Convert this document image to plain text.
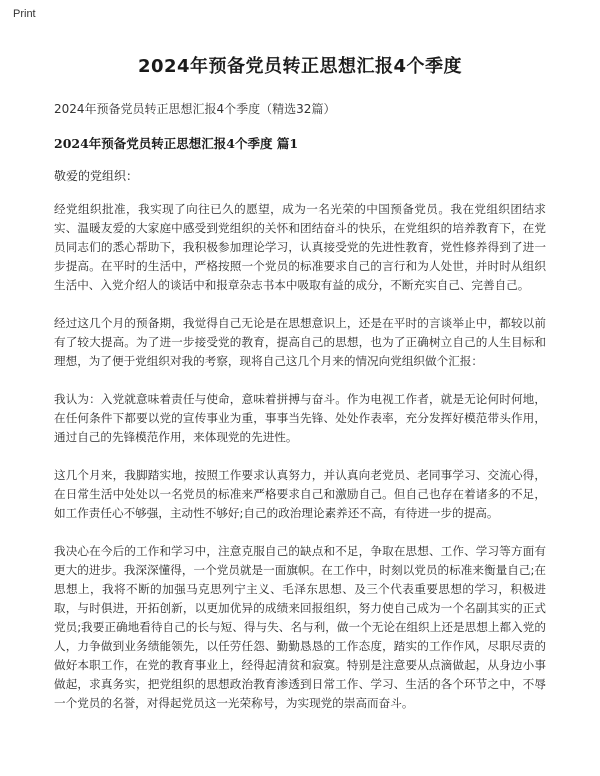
Print
2024年预备党员转正思想汇报4个季度
2024年预备党员转正思想汇报4个季度（精选32篇）
2024年预备党员转正思想汇报4个季度 篇1
敬爱的党组织：

经党组织批准，我实现了向往已久的愿望，成为一名光荣的中国预备党员。我在党组织团结求实、温暖友爱的大家庭中感受到党组织的关怀和团结奋斗的快乐，在党组织的培养教育下，在党员同志们的悉心帮助下，我积极参加理论学习，认真接受党的先进性教育，党性修养得到了进一步提高。在平时的生活中，严格按照一个党员的标准要求自己的言行和为人处世，并时时从组织生活中、入党介绍人的谈话中和报章杂志书本中吸取有益的成分，不断充实自己、完善自己。

经过这几个月的预备期，我觉得自己无论是在思想意识上，还是在平时的言谈举止中，都较以前有了较大提高。为了进一步接受党的教育，提高自己的思想，也为了正确树立自己的人生目标和理想，为了便于党组织对我的考察，现将自己这几个月来的情况向党组织做个汇报：

我认为：入党就意味着责任与使命，意味着拼搏与奋斗。作为电视工作者，就是无论何时何地，在任何条件下都要以党的宣传事业为重，事事当先锋、处处作表率，充分发挥好模范带头作用，通过自己的先锋模范作用，来体现党的先进性。

这几个月来，我脚踏实地，按照工作要求认真努力，并认真向老党员、老同事学习、交流心得，在日常生活中处处以一名党员的标准来严格要求自己和激励自己。但自己也存在着诸多的不足，如工作责任心不够强，主动性不够好;自己的政治理论素养还不高，有待进一步的提高。

我决心在今后的工作和学习中，注意克服自己的缺点和不足，争取在思想、工作、学习等方面有更大的进步。我深深懂得，一个党员就是一面旗帜。在工作中，时刻以党员的标准来衡量自己;在思想上，我将不断的加强马克思列宁主义、毛泽东思想、及三个代表重要思想的学习，积极进取，与时俱进，开拓创新，以更加优异的成绩来回报组织，努力使自己成为一个名副其实的正式党员;我要正确地看待自己的长与短、得与失、名与利，做一个无论在组织上还是思想上都入党的人，力争做到业务绩能领先，以任劳任怨、勤勤恳恳的工作态度，踏实的工作作风，尽职尽责的做好本职工作，在党的教育事业上，经得起清贫和寂寞。特别是注意要从点滴做起，从身边小事做起，求真务实，把党组织的思想政治教育渗透到日常工作、学习、生活的各个环节之中，不辱一个党员的名誉，对得起党员这一光荣称号，为实现党的崇高而奋斗。
